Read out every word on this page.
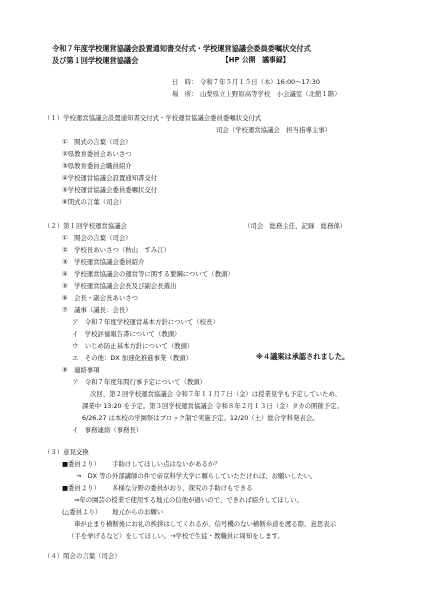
令和７年度学校運営協議会設置通知書交付式・学校運営協議会委員委嘱状交付式
及び第１回学校運営協議会	【HP 公開　議事録】
日　時： 令和７年５月１５日（木）16:00～17:30
場　所： 山梨県立上野原高等学校　小会議室（北館１階）
（１）学校運営協議会設置通知書交付式・学校運営協議会委員委嘱状交付式
司会（学校運営協議会　担当指導主事）
①　開式の言葉（司会）
②県教育委員会あいさつ
③県教育委員会職員紹介
④学校運営協議会設置通知書交付
⑤学校運営協議会委員委嘱状交付
⑥閉式の言葉（司会）
（２）第１回学校運営協議会	（司会　総務主任、記録　総務係）
①　開会の言葉（司会）
②　学校長あいさつ（秋山　すみ江）
③　学校運営協議会委員紹介
④　学校運営協議会の運営等に関する要綱について（教頭）
⑤　学校運営協議会会長及び副会長選出
⑥　会長・副会長あいさつ
⑦　議事（議長：会長）
ア　令和７年度学校運営基本方針について（校長）
イ　学校評価報告書について（教頭）
ウ　いじめ防止基本方針について（教頭）
エ　その他：DX 加速化推進事業（教頭）	※４議案は承認されました。
⑧　連絡事項
ア　令和７年度年間行事予定について（教頭）
次回、第２回学校運営協議会 令和７年１１月７日（金）は授業見学も予定していため、
課業中 13:20 を予定。第３回学校運営協議会 令和８年２月１３日（金）タカの開催予定。
6/26,27 は本校の学園祭はブロック制で実施予定。12/20（土）総合学科発表会。
イ　事務連絡（事務長）
（３）意見交換
■委員より） 手助けしてほしい点はないかあるか？
→　DX 等の外部講師の件で帝京科学大学に頼らしていただければ、お願いしたい。
■委員より） 多様な分野の委員がおり、探究の手助けもできる
⇒年の園芸の授業で使用する地元の信他が過いので、できれば紹介してほしい。
(△委員より） 地元からのお願い
車が止まり横断後にお礼の挨拶はしてくれるが、信号機のない横断歩道を渡る際、意思表示
（手を挙げるなど）をしてほしい。→学校で生徒・教職員に周知をします。
（４）閉会の言葉（司会）
